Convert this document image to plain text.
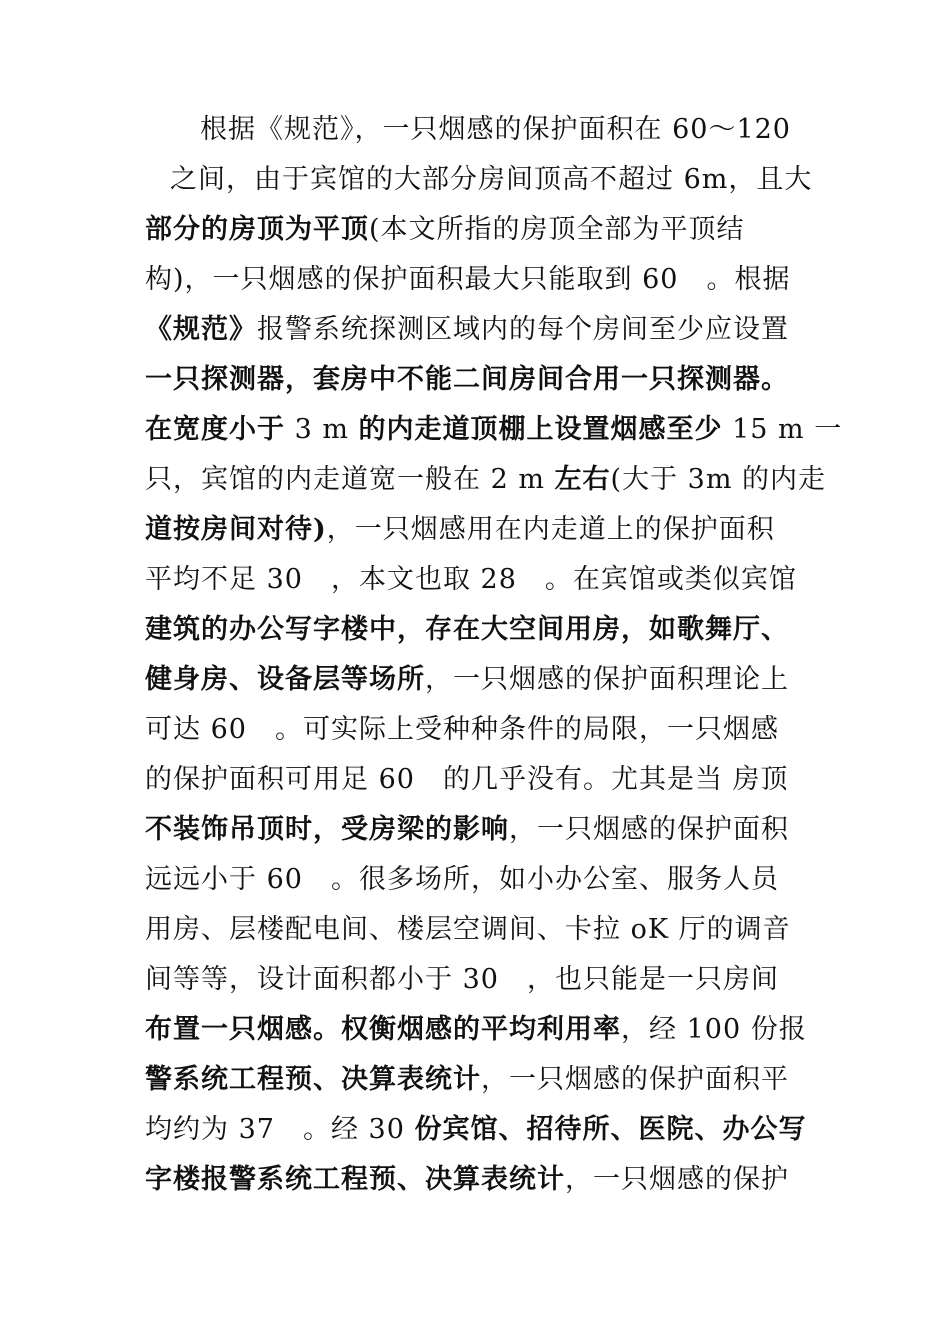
根据《规范》，一只烟感的保护面积在 60～120
之间，由于宾馆的大部分房间顶高不超过 6m，且大
部分的房顶为平顶(本文所指的房顶全部为平顶结
构)，一只烟感的保护面积最大只能取到 60　。根据
《规范》报警系统探测区域内的每个房间至少应设置
一只探测器，套房中不能二间房间合用一只探测器。
在宽度小于 3 m 的内走道顶棚上设置烟感至少 15 m 一
只，宾馆的内走道宽一般在 2 m 左右(大于 3m 的内走
道按房间对待)，一只烟感用在内走道上的保护面积
平均不足 30　，本文也取 28　。在宾馆或类似宾馆
建筑的办公写字楼中，存在大空间用房，如歌舞厅、
健身房、设备层等场所，一只烟感的保护面积理论上
可达 60　。可实际上受种种条件的局限，一只烟感
的保护面积可用足 60　的几乎没有。尤其是当 房顶
不装饰吊顶时，受房梁的影响，一只烟感的保护面积
远远小于 60　。很多场所，如小办公室、服务人员
用房、层楼配电间、楼层空调间、卡拉 oK 厅的调音
间等等，设计面积都小于 30　，也只能是一只房间
布置一只烟感。权衡烟感的平均利用率，经 100 份报
警系统工程预、决算表统计，一只烟感的保护面积平
均约为 37　。经 30 份宾馆、招待所、医院、办公写
字楼报警系统工程预、决算表统计，一只烟感的保护
